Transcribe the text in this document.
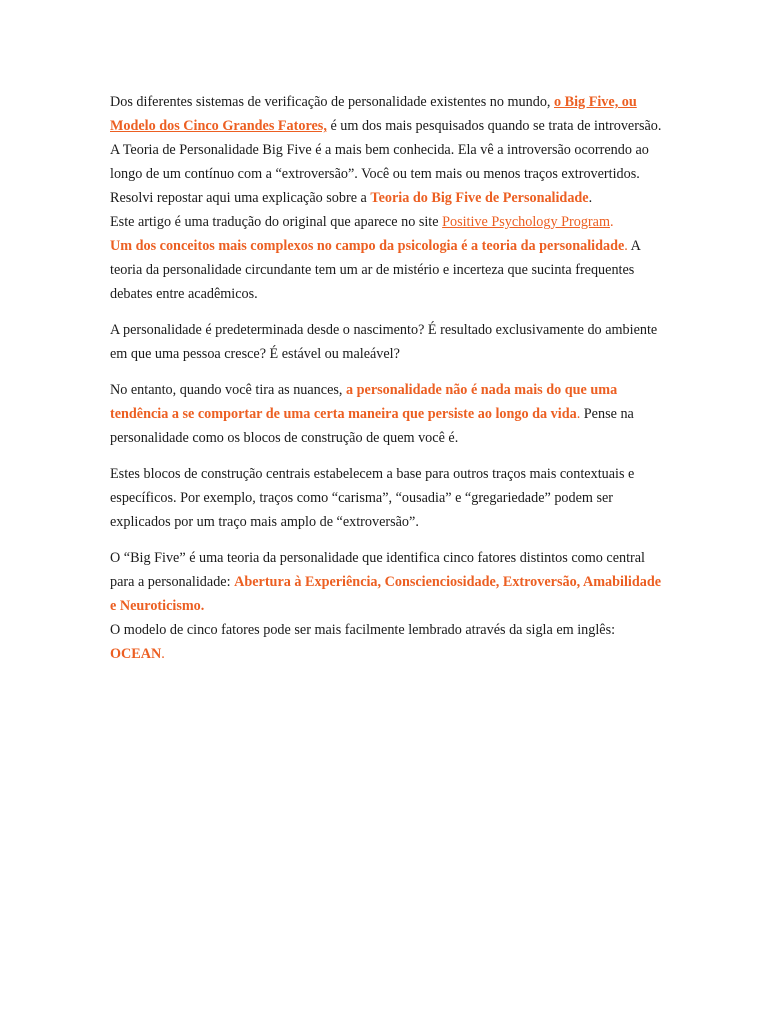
Dos diferentes sistemas de verificação de personalidade existentes no mundo, o Big Five, ou Modelo dos Cinco Grandes Fatores, é um dos mais pesquisados quando se trata de introversão. A Teoria de Personalidade Big Five é a mais bem conhecida. Ela vê a introversão ocorrendo ao longo de um contínuo com a “extroversão”. Você ou tem mais ou menos traços extrovertidos.

Resolvi repostar aqui uma explicação sobre a Teoria do Big Five de Personalidade.

Este artigo é uma tradução do original que aparece no site Positive Psychology Program.

Um dos conceitos mais complexos no campo da psicologia é a teoria da personalidade. A teoria da personalidade circundante tem um ar de mistério e incerteza que sucinta frequentes debates entre acadêmicos.

A personalidade é predeterminada desde o nascimento? É resultado exclusivamente do ambiente em que uma pessoa cresce? É estável ou maleável?

No entanto, quando você tira as nuances, a personalidade não é nada mais do que uma tendência a se comportar de uma certa maneira que persiste ao longo da vida. Pense na personalidade como os blocos de construção de quem você é.

Estes blocos de construção centrais estabelecem a base para outros traços mais contextuais e específicos. Por exemplo, traços como “carisma”, “ousadia” e “gregariedade” podem ser explicados por um traço mais amplo de “extroversão”.

O “Big Five” é uma teoria da personalidade que identifica cinco fatores distintos como central para a personalidade: Abertura à Experiência, Conscienciosidade, Extroversão, Amabilidade e Neuroticismo.

O modelo de cinco fatores pode ser mais facilmente lembrado através da sigla em inglês: OCEAN.
